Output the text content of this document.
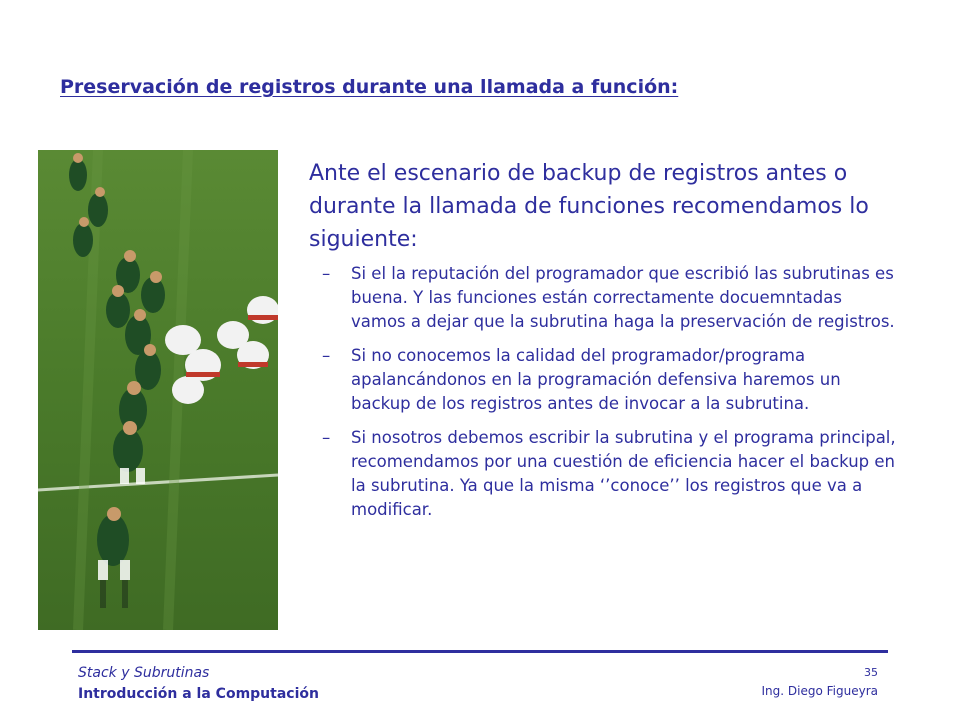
Preservación de registros durante una llamada a función:

Ante el escenario de backup de registros antes o durante la llamada de funciones recomendamos lo siguiente:

– Si el la reputación del programador que escribió las subrutinas es buena. Y las funciones están correctamente docuemntadas vamos a dejar que la subrutina haga la preservación de registros.
– Si no conocemos la calidad del programador/programa apalancándonos en la programación defensiva haremos un backup de los registros antes de invocar a la subrutina.
– Si nosotros debemos escribir la subrutina y el programa principal, recomendamos por una cuestión de eficiencia hacer el backup en la subrutina. Ya que la misma ‘’conoce’’ los registros que va a modificar.
Stack y Subrutinas
Introducción a la Computación
35
Ing. Diego Figueyra
